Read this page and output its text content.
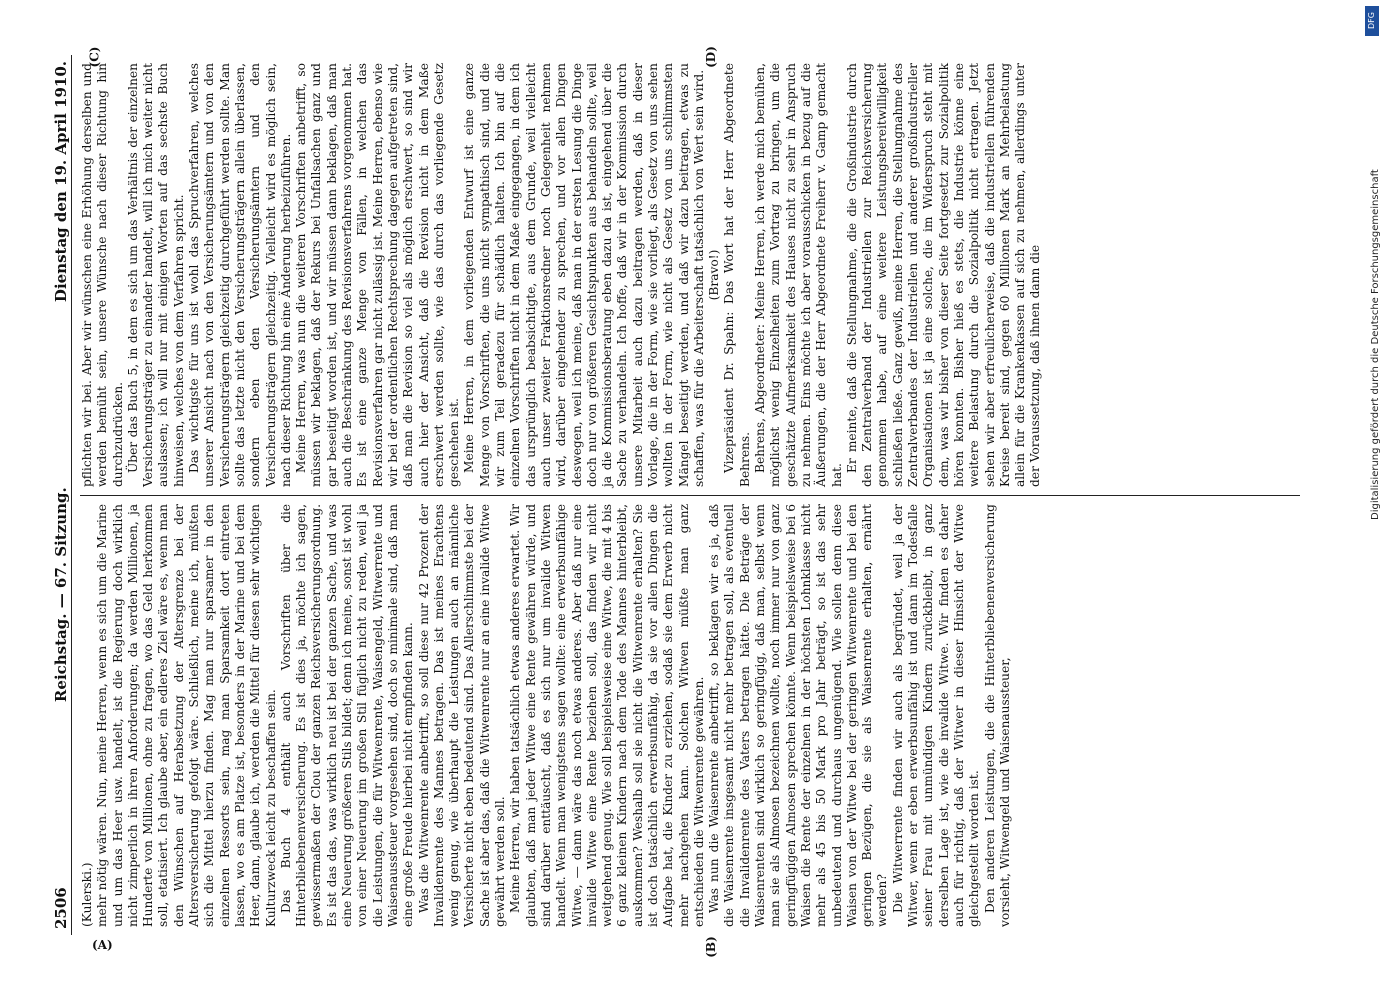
2506
Reichstag. — 67. Sitzung.
Dienstag den 19. April 1910.

(Kulerski.) mehr nötig wären. Nun, meine Herren, wenn es sich um die Marine und um das Heer usw. handelt, ist die Regierung doch wirklich nicht zimperlich in ihren Anforderungen; da werden Millionen, ja Hunderte von Millionen, ohne zu fragen, wo das Geld herkommen soll, etatisiert. Ich glaube aber, ein edleres Ziel wäre es, wenn man den Wünschen auf Herabsetzung der Altersgrenze bei der Altersversicherung gefolgt wäre. Schließlich, meine ich, müßten sich die Mittel hierzu finden. Mag man nur sparsamer in den einzelnen Ressorts sein, mag man Sparsamkeit dort eintreten lassen, wo es am Platze ist, besonders in der Marine und bei dem Heer, dann, glaube ich, werden die Mittel für diesen sehr wichtigen Kulturzweck leicht zu beschaffen sein. Das Buch 4 enthält auch Vorschriften über die Hinterbliebenenversicherung. Es ist dies ja, möchte ich sagen, gewissermaßen der Clou der ganzen Reichsversicherungsordnung. Es ist das das, was wirklich neu ist bei der ganzen Sache, und was eine Neuerung größeren Stils bildet; denn ich meine, sonst ist wohl von einer Neuerung im großen Stil füglich nicht zu reden, weil ja die Leistungen, die für Witwenrente, Waisengeld, Witwerrente und Waisenaussteuer vorgesehen sind, doch so minimale sind, daß man eine große Freude hierbei nicht empfinden kann. Was die Witwenrente anbetrifft, so soll diese nur 42 Prozent der Invalidenrente des Mannes betragen. Das ist meines Erachtens wenig genug, wie überhaupt die Leistungen auch an männliche Versicherte nicht eben bedeutend sind. Das Allerschlimmste bei der Sache ist aber das, daß die Witwenrente nur an eine invalide Witwe gewährt werden soll. Meine Herren, wir haben tatsächlich etwas anderes erwartet. Wir glaubten, daß man jeder Witwe eine Rente gewähren würde, und sind darüber enttäuscht, daß es sich nur um invalide Witwen handelt. Wenn man wenigstens sagen wollte: eine erwerbsunfähige Witwe, — dann wäre das noch etwas anderes. Aber daß nur eine invalide Witwe eine Rente beziehen soll, das finden wir nicht weitgehend genug. Wie soll beispielsweise eine Witwe, die mit 4 bis 6 ganz kleinen Kindern nach dem Tode des Mannes hinterbleibt, auskommen? Weshalb soll sie nicht die Witwenrente erhalten? Sie ist doch tatsächlich erwerbsunfähig, da sie vor allen Dingen die Aufgabe hat, die Kinder zu erziehen, sodaß sie dem Erwerb nicht mehr nachgehen kann. Solchen Witwen müßte man ganz entschieden die Witwenrente gewähren. Was nun die Waisenrente anbetrifft, so beklagen wir es ja, daß die Waisenrente insgesamt nicht mehr betragen soll, als eventuell die Invalidenrente des Vaters betragen hätte. Die Beträge der Waisenrenten sind wirklich so geringfügig, daß man, selbst wenn man sie als Almosen bezeichnen wollte, noch immer nur von ganz geringfügigen Almosen sprechen könnte. Wenn beispielsweise bei 6 Waisen die Rente der einzelnen in der höchsten Lohnklasse nicht mehr als 45 bis 50 Mark pro Jahr beträgt, so ist das sehr unbedeutend und durchaus ungenügend. Wie sollen denn diese Waisen von der Witwe bei der geringen Witwenrente und bei den geringen Bezügen, die sie als Waisenrente erhalten, ernährt werden? Die Witwerrente finden wir auch als begründet, weil ja der Witwer, wenn er eben erwerbsunfähig ist und dann im Todesfalle seiner Frau mit unmündigen Kindern zurückbleibt, in ganz derselben Lage ist, wie die invalide Witwe. Wir finden es daher auch für richtig, daß der Witwer in dieser Hinsicht der Witwe gleichgestellt worden ist. Den anderen Leistungen, die die Hinterbliebenenversicherung vorsieht, Witwengeld und Waisenaussteuer,

pflichten wir bei. Aber wir wünschen eine Erhöhung derselben und werden bemüht sein, unsere Wünsche nach dieser Richtung hin durchzudrücken. Über das Buch 5, in dem es sich um das Verhältnis der einzelnen Versicherungsträger zu einander handelt, will ich mich weiter nicht auslassen; ich will nur mit einigen Worten auf das sechste Buch hinweisen, welches von dem Verfahren spricht. Das wichtigste für uns ist wohl das Spruchverfahren, welches unserer Ansicht nach von den Versicherungsämtern und von den Versicherungsträgern gleichzeitig durchgeführt werden sollte. Man sollte das letzte nicht den Versicherungsträgern allein überlassen, sondern eben den Versicherungsämtern und den Versicherungsträgern gleichzeitig. Vielleicht wird es möglich sein, nach dieser Richtung hin eine Änderung herbeizuführen. Meine Herren, was nun die weiteren Vorschriften anbetrifft, so müssen wir beklagen, daß der Rekurs bei Unfallsachen ganz und gar beseitigt worden ist, und wir müssen dann beklagen, daß man auch die Beschränkung des Revisionsverfahrens vorgenommen hat. Es ist eine ganze Menge von Fällen, in welchen das Revisionsverfahren gar nicht zulässig ist. Meine Herren, ebenso wie wir bei der ordentlichen Rechtsprechung dagegen aufgetreten sind, daß man die Revision so viel als möglich erschwert, so sind wir auch hier der Ansicht, daß die Revision nicht in dem Maße erschwert werden sollte, wie das durch das vorliegende Gesetz geschehen ist. Meine Herren, in dem vorliegenden Entwurf ist eine ganze Menge von Vorschriften, die uns nicht sympathisch sind, und die wir zum Teil geradezu für schädlich halten. Ich bin auf die einzelnen Vorschriften nicht in dem Maße eingegangen, in dem ich das ursprünglich beabsichtigte, aus dem Grunde, weil vielleicht auch unser zweiter Fraktionsredner noch Gelegenheit nehmen wird, darüber eingehender zu sprechen, und vor allen Dingen deswegen, weil ich meine, daß man in der ersten Lesung die Dinge doch nur von größeren Gesichtspunkten aus behandeln sollte, weil ja die Kommissionsberatung eben dazu da ist, eingehend über die Sache zu verhandeln. Ich hoffe, daß wir in der Kommission durch unsere Mitarbeit auch dazu beitragen werden, daß in dieser Vorlage, die in der Form, wie sie vorliegt, als Gesetz von uns sehen wollten in der Form, wie nicht als Gesetz von uns schlimmsten Mängel beseitigt werden, und daß wir dazu beitragen, etwas zu schaffen, was für die Arbeiterschaft tatsächlich von Wert sein wird. (Bravo!) Vizepräsident Dr. Spahn: Das Wort hat der Herr Abgeordnete Behrens. Behrens, Abgeordneter: Meine Herren, ich werde mich bemühen, möglichst wenig Einzelheiten zum Vortrag zu bringen, um die geschätzte Aufmerksamkeit des Hauses nicht zu sehr in Anspruch zu nehmen. Eins möchte ich aber vorausschicken in bezug auf die Äußerungen, die der Herr Abgeordnete Freiherr v. Gamp gemacht hat.

Er meinte, daß die Stellungnahme, die die Großindustrie durch den Zentralverband der Industriellen zur Reichsversicherung genommen habe, auf eine weitere Leistungsbereitwilligkeit schließen ließe. Ganz gewiß, meine Herren, die Stellungnahme des Zentralverbandes der Industriellen und anderer großindustrieller Organisationen ist ja eine solche, die im Widerspruch steht mit dem, was wir bisher von dieser Seite fortgesetzt zur Sozialpolitik hören konnten. Bisher hieß es stets, die Industrie könne eine weitere Belastung durch die Sozialpolitik nicht ertragen. Jetzt sehen wir aber erfreulicherweise, daß die industriellen führenden Kreise bereit sind, gegen 60 Millionen Mark an Mehrbelastung allein für die Krankenkassen auf sich zu nehmen, allerdings unter der Voraussetzung, daß ihnen dann die

(A)	(B)
(C)	(D)
DFG
Digitalisierung gefördert durch die Deutsche Forschungsgemeinschaft
